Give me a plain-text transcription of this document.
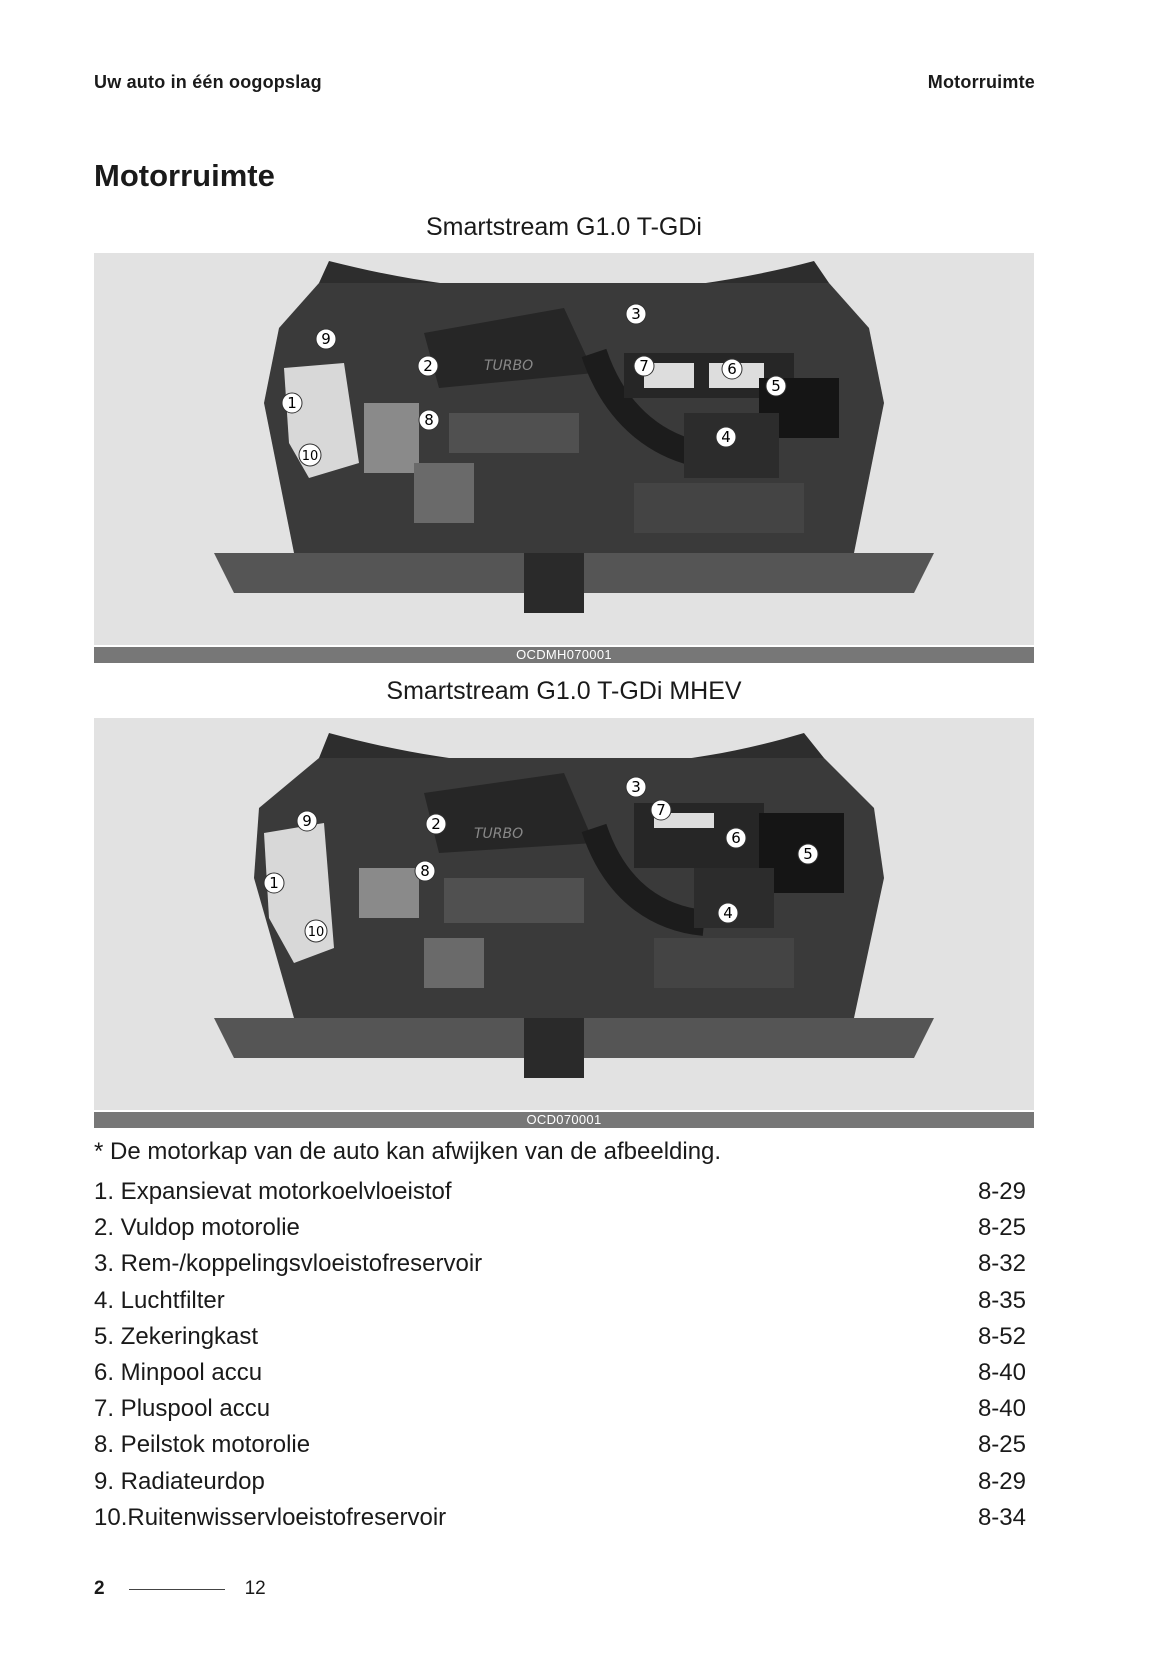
Uw auto in één oogopslag	Motorruimte
Motorruimte
Smartstream G1.0 T-GDi
TURBO
9
1
10
2
8
3
7	6
5
4
OCDMH070001
Smartstream G1.0 T-GDi MHEV
TURBO
9
1
10
2
8
3
7
6
5
4
OCD070001
* De motorkap van de auto kan afwijken van de afbeelding.
1. Expansievat motorkoelvloeistof	8-29
2. Vuldop motorolie	8-25
3. Rem-/koppelingsvloeistofreservoir	8-32
4. Luchtfilter	8-35
5. Zekeringkast	8-52
6. Minpool accu	8-40
7. Pluspool accu	8-40
8. Peilstok motorolie	8-25
9. Radiateurdop	8-29
10.Ruitenwisservloeistofreservoir	8-34
2	12
